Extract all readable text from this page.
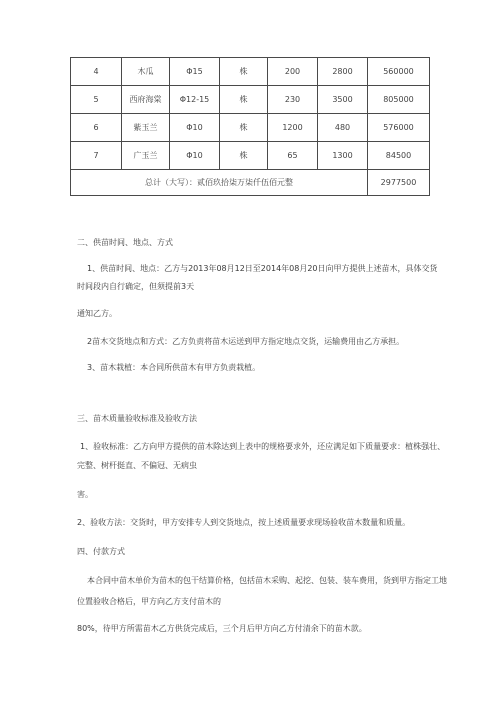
4	木瓜	Φ15	株	200	2800	560000
5	西府海棠	Φ12-15	株	230	3500	805000
6	紫玉兰	Φ10	株	1200	480	576000
7	广玉兰	Φ10	株	65	1300	84500
总计（大写）：贰佰玖拾柒万柒仟伍佰元整						2977500
二、供苗时间、地点、方式
1、供苗时间、地点：乙方与2013年08月12日至2014年08月20日向甲方提供上述苗木，具体交货
时间段内自行确定，但须提前3天
通知乙方。
2苗木交货地点和方式：乙方负责将苗木运送到甲方指定地点交货，运输费用由乙方承担。
3、苗木栽植：本合同所供苗木有甲方负责栽植。
三、苗木质量验收标准及验收方法
1、验收标准：乙方向甲方提供的苗木除达到上表中的规格要求外，还应满足如下质量要求：植株强壮、
完整、树杆挺直、不偏冠、无病虫
害。
2、验收方法：交货时，甲方安排专人到交货地点，按上述质量要求现场验收苗木数量和质量。
四、付款方式
本合同中苗木单价为苗木的包干结算价格，包括苗木采购、起挖、包装、装车费用，货到甲方指定工地
位置验收合格后，甲方向乙方支付苗木的
80%，待甲方所需苗木乙方供货完成后，三个月后甲方向乙方付清余下的苗木款。
